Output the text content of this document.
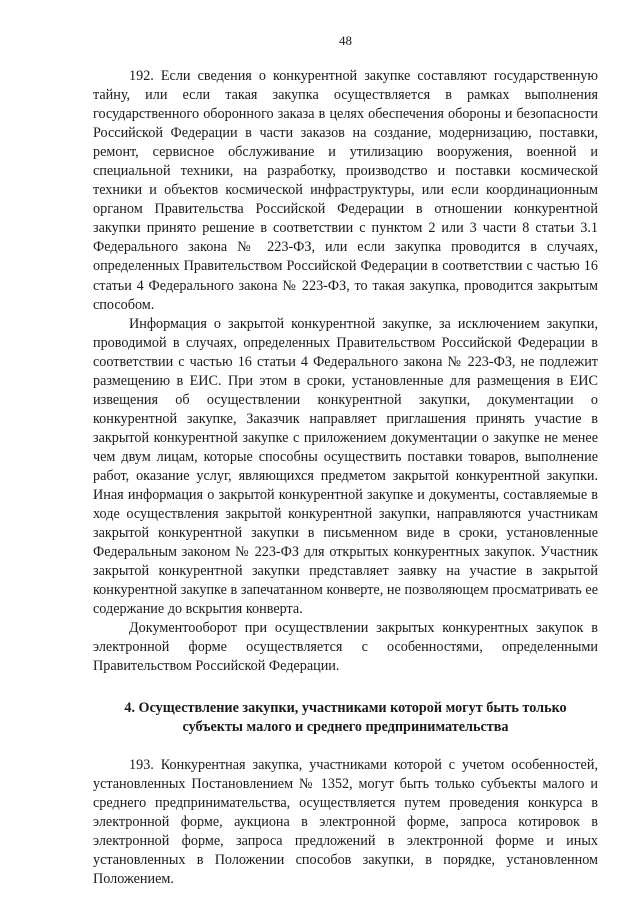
48

192. Если сведения о конкурентной закупке составляют государственную тайну, или если такая закупка осуществляется в рамках выполнения государственного оборонного заказа в целях обеспечения обороны и безопасности Российской Федерации в части заказов на создание, модернизацию, поставки, ремонт, сервисное обслуживание и утилизацию вооружения, военной и специальной техники, на разработку, производство и поставки космической техники и объектов космической инфраструктуры, или если координационным органом Правительства Российской Федерации в отношении конкурентной закупки принято решение в соответствии с пунктом 2 или 3 части 8 статьи 3.1 Федерального закона № 223-ФЗ, или если закупка проводится в случаях, определенных Правительством Российской Федерации в соответствии с частью 16 статьи 4 Федерального закона № 223-ФЗ, то такая закупка, проводится закрытым способом.

Информация о закрытой конкурентной закупке, за исключением закупки, проводимой в случаях, определенных Правительством Российской Федерации в соответствии с частью 16 статьи 4 Федерального закона № 223-ФЗ, не подлежит размещению в ЕИС. При этом в сроки, установленные для размещения в ЕИС извещения об осуществлении конкурентной закупки, документации о конкурентной закупке, Заказчик направляет приглашения принять участие в закрытой конкурентной закупке с приложением документации о закупке не менее чем двум лицам, которые способны осуществить поставки товаров, выполнение работ, оказание услуг, являющихся предметом закрытой конкурентной закупки. Иная информация о закрытой конкурентной закупке и документы, составляемые в ходе осуществления закрытой конкурентной закупки, направляются участникам закрытой конкурентной закупки в письменном виде в сроки, установленные Федеральным законом № 223-ФЗ для открытых конкурентных закупок. Участник закрытой конкурентной закупки представляет заявку на участие в закрытой конкурентной закупке в запечатанном конверте, не позволяющем просматривать ее содержание до вскрытия конверта.

Документооборот при осуществлении закрытых конкурентных закупок в электронной форме осуществляется с особенностями, определенными Правительством Российской Федерации.

4. Осуществление закупки, участниками которой могут быть только субъекты малого и среднего предпринимательства

193. Конкурентная закупка, участниками которой с учетом особенностей, установленных Постановлением № 1352, могут быть только субъекты малого и среднего предпринимательства, осуществляется путем проведения конкурса в электронной форме, аукциона в электронной форме, запроса котировок в электронной форме, запроса предложений в электронной форме и иных установленных в Положении способов закупки, в порядке, установленном Положением.
